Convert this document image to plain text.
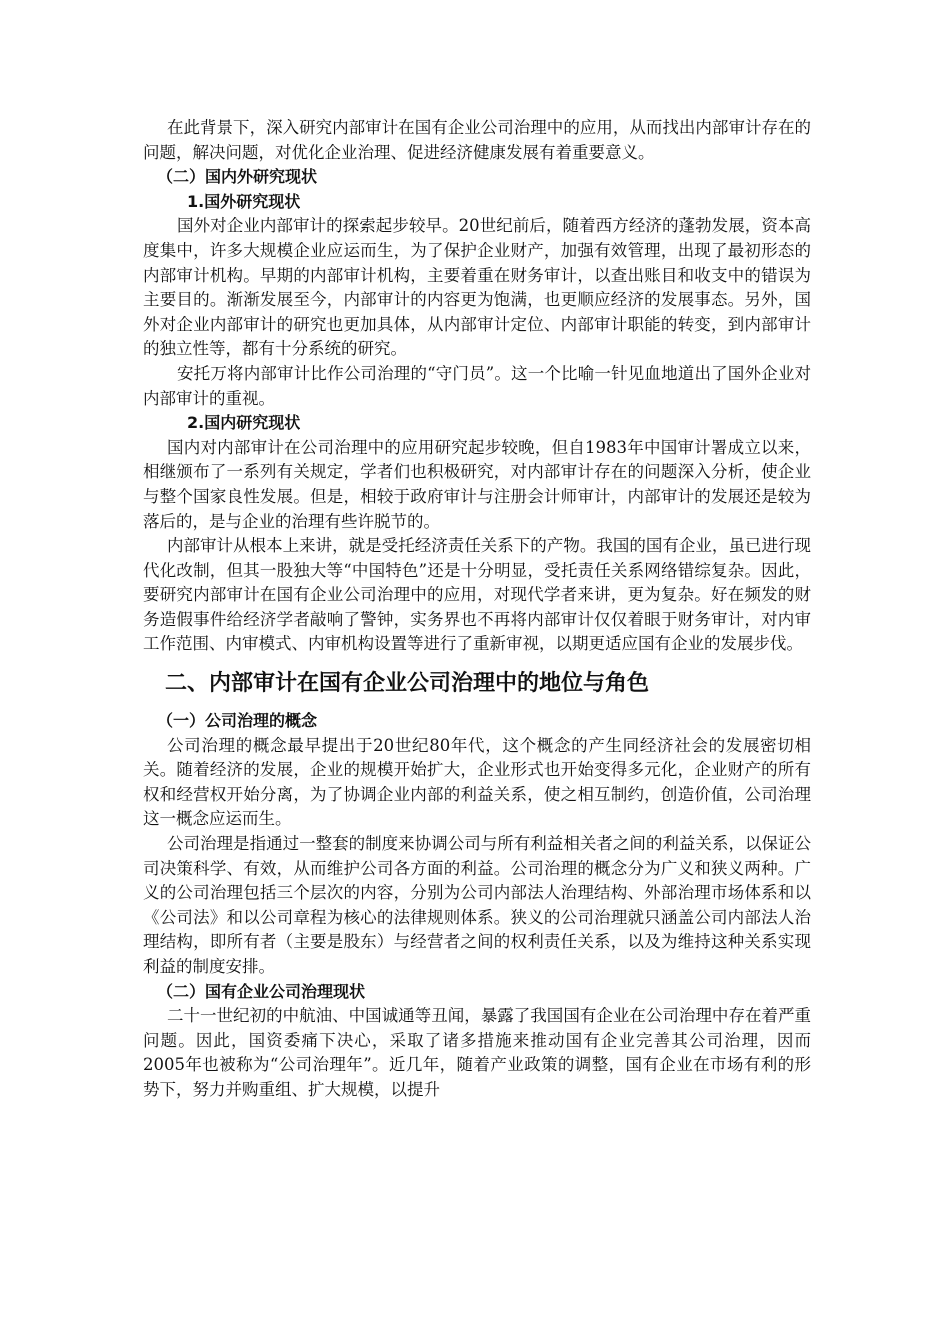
在此背景下，深入研究内部审计在国有企业公司治理中的应用，从而找出内部审计存在的问题，解决问题，对优化企业治理、促进经济健康发展有着重要意义。

（二）国内外研究现状
1.国外研究现状

国外对企业内部审计的探索起步较早。20世纪前后，随着西方经济的蓬勃发展，资本高度集中，许多大规模企业应运而生，为了保护企业财产，加强有效管理，出现了最初形态的内部审计机构。早期的内部审计机构，主要着重在财务审计，以查出账目和收支中的错误为主要目的。渐渐发展至今，内部审计的内容更为饱满，也更顺应经济的发展事态。另外，国外对企业内部审计的研究也更加具体，从内部审计定位、内部审计职能的转变，到内部审计的独立性等，都有十分系统的研究。

安托万将内部审计比作公司治理的“守门员”。这一个比喻一针见血地道出了国外企业对内部审计的重视。

2.国内研究现状

国内对内部审计在公司治理中的应用研究起步较晚，但自1983年中国审计署成立以来，相继颁布了一系列有关规定，学者们也积极研究，对内部审计存在的问题深入分析，使企业与整个国家良性发展。但是，相较于政府审计与注册会计师审计，内部审计的发展还是较为落后的，是与企业的治理有些许脱节的。

内部审计从根本上来讲，就是受托经济责任关系下的产物。我国的国有企业，虽已进行现代化改制，但其一股独大等“中国特色”还是十分明显，受托责任关系网络错综复杂。因此，要研究内部审计在国有企业公司治理中的应用，对现代学者来讲，更为复杂。好在频发的财务造假事件给经济学者敲响了警钟，实务界也不再将内部审计仅仅着眼于财务审计，对内审工作范围、内审模式、内审机构设置等进行了重新审视，以期更适应国有企业的发展步伐。

二、内部审计在国有企业公司治理中的地位与角色
（一）公司治理的概念

公司治理的概念最早提出于20世纪80年代，这个概念的产生同经济社会的发展密切相关。随着经济的发展，企业的规模开始扩大，企业形式也开始变得多元化，企业财产的所有权和经营权开始分离，为了协调企业内部的利益关系，使之相互制约，创造价值，公司治理这一概念应运而生。

公司治理是指通过一整套的制度来协调公司与所有利益相关者之间的利益关系，以保证公司决策科学、有效，从而维护公司各方面的利益。公司治理的概念分为广义和狭义两种。广义的公司治理包括三个层次的内容，分别为公司内部法人治理结构、外部治理市场体系和以《公司法》和以公司章程为核心的法律规则体系。狭义的公司治理就只涵盖公司内部法人治理结构，即所有者（主要是股东）与经营者之间的权利责任关系，以及为维持这种关系实现利益的制度安排。

（二）国有企业公司治理现状

二十一世纪初的中航油、中国诚通等丑闻，暴露了我国国有企业在公司治理中存在着严重问题。因此，国资委痛下决心，采取了诸多措施来推动国有企业完善其公司治理，因而2005年也被称为“公司治理年”。近几年，随着产业政策的调整，国有企业在市场有利的形势下，努力并购重组、扩大规模，以提升
